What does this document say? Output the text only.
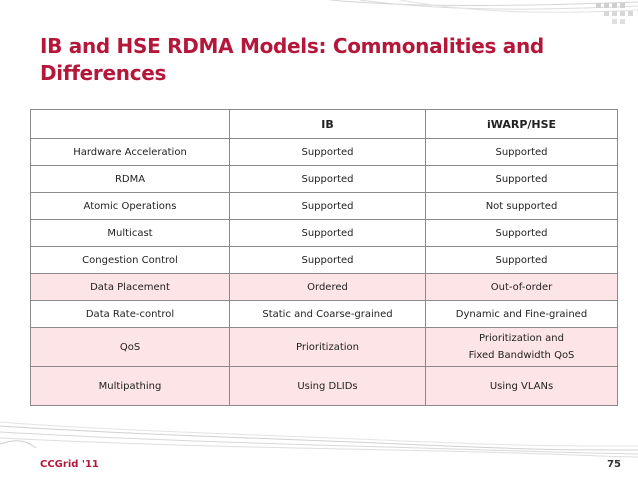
IB and HSE RDMA Models: Commonalities and
Differences
	IB	iWARP/HSE
Hardware Acceleration	Supported	Supported
RDMA	Supported	Supported
Atomic Operations	Supported	Not supported
Multicast	Supported	Supported
Congestion Control	Supported	Supported
Data Placement	Ordered	Out-of-order
Data Rate-control	Static and Coarse-grained	Dynamic and Fine-grained
QoS	Prioritization	Prioritization and
Fixed Bandwidth QoS

Multipathing	Using DLIDs	Using VLANs
CCGrid '11	75
